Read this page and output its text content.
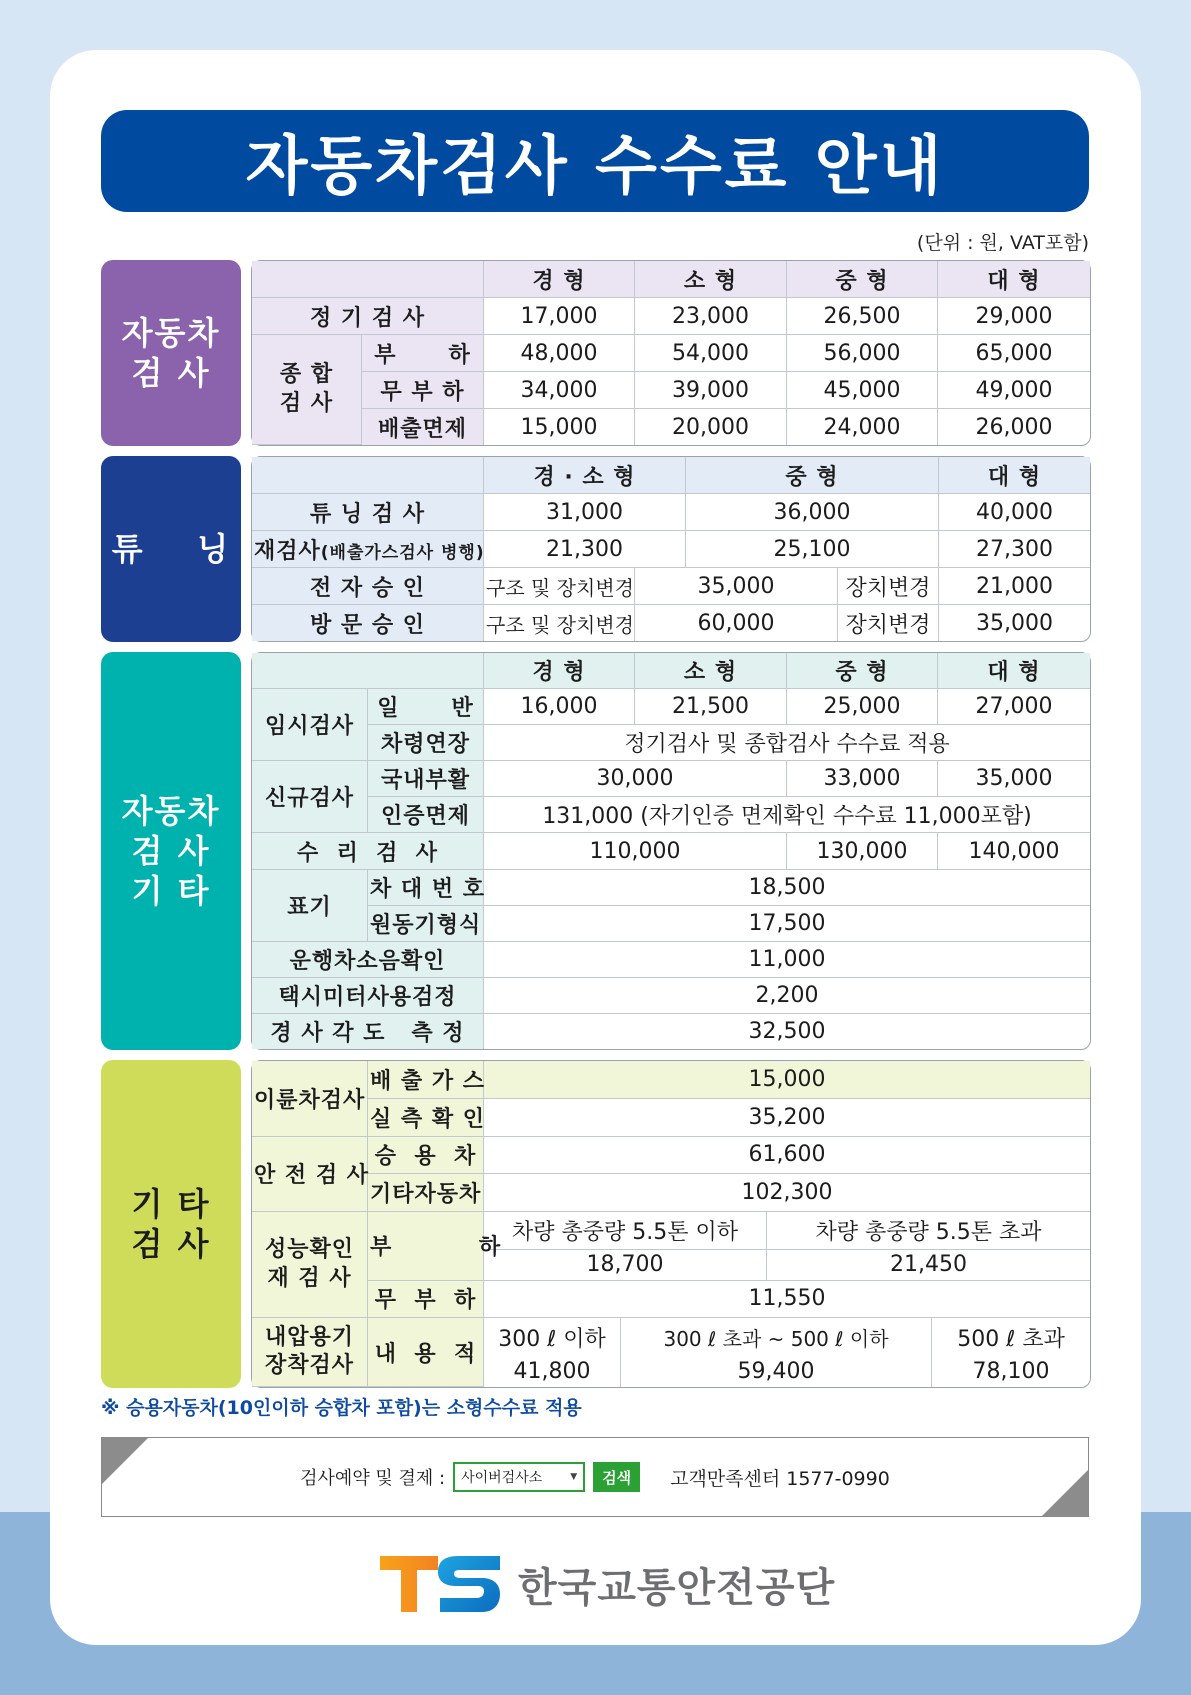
자동차검사 수수료 안내
(단위 : 원, VAT포함)
자동차
검 사
		경 형	소 형	중 형	대 형
정 기 검 사		17,000	23,000	26,500	29,000
종 합
검 사	부      하	48,000	54,000	56,000	65,000
	무 부 하	34,000	39,000	45,000	49,000
	배출면제	15,000	20,000	24,000	26,000
튜    닝
	경 · 소 형		중 형		대 형
튜 닝 검 사	31,000		36,000		40,000
재검사(배출가스검사 병행)	21,300		25,100		27,300
전 자 승 인	구조 및 장치변경	35,000		장치변경	21,000
방 문 승 인	구조 및 장치변경	60,000		장치변경	35,000
자동차
검 사
기 타
		경 형	소 형	중 형	대 형
임시검사	일      반	16,000	21,500	25,000	27,000
	차령연장	정기검사 및 종합검사 수수료 적용			
신규검사	국내부활	30,000		33,000	35,000
	인증면제	131,000 (자기인증 면제확인 수수료 11,000포함)			
수  리  검  사		110,000		130,000	140,000
표기	차 대 번 호	18,500			
	원동기형식	17,500			
운행차소음확인		11,000			
택시미터사용검정		2,200			
경 사 각 도   측 정		32,500			
기 타
검 사
이륜차검사	배 출 가 스	15,000			
	실 측 확 인	35,200			
안 전 검 사	승  용  차	61,600			
	기타자동차	102,300			
성능확인
재 검 사	부          하	차량 총중량 5.5톤 이하		차량 총중량 5.5톤 초과	
		18,700		21,450	
	무  부  하	11,550			
내압용기
장착검사	내  용  적	300 ℓ 이하	300 ℓ 초과 ~ 500 ℓ 이하		500 ℓ 초과
		41,800	59,400		78,100
※ 승용자동차(10인이하 승합차 포함)는 소형수수료 적용
검사예약 및 결제 : 사이버검사소	▼	검색	고객만족센터 1577-0990
한국교통안전공단
